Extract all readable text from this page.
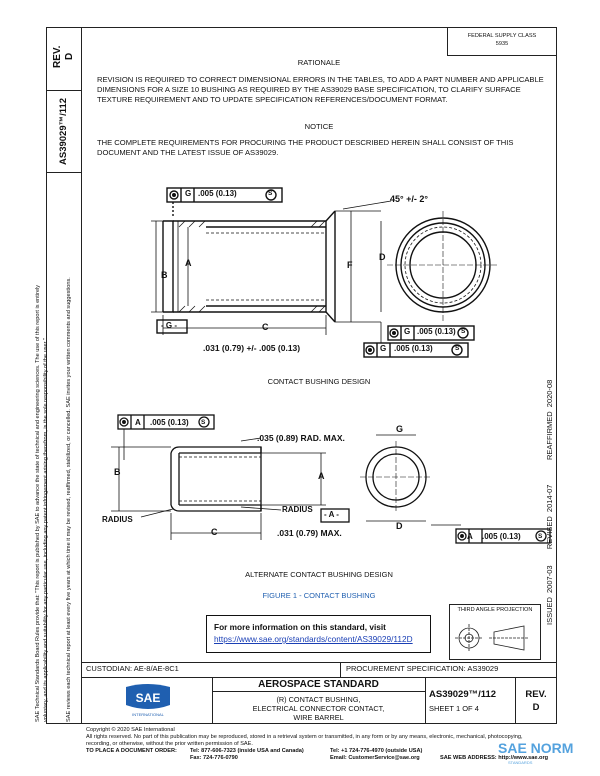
REV. D
AS39029™/112
SAE Technical Standards Board Rules provide that: "This report is published by SAE to advance the state of technical and engineering sciences. The use of this report is entirely voluntary, and its applicability and suitability for any particular use, including any patent infringement arising therefrom, is the sole responsibility of the user."	SAE reviews each technical report at least every five years at which time it may be revised, reaffirmed, stabilized, or cancelled. SAE invites your written comments and suggestions.
FEDERAL SUPPLY CLASS
5935
ISSUED 2007-03    REVISED 2014-07      REAFFIRMED 2020-08
RATIONALE
REVISION IS REQUIRED TO CORRECT DIMENSIONAL ERRORS IN THE TABLES, TO ADD A PART NUMBER AND APPLICABLE DIMENSIONS FOR A SIZE 10 BUSHING AS REQUIRED BY THE AS39029 BASE SPECIFICATION, TO CLARIFY SURFACE TEXTURE REQUIREMENT AND TO UPDATE SPECIFICATION REFERENCES/DOCUMENT FORMAT.
NOTICE
THE COMPLETE REQUIREMENTS FOR PROCURING THE PRODUCT DESCRIBED HEREIN SHALL CONSIST OF THIS DOCUMENT AND THE LATEST ISSUE OF AS39029.
G .005 (0.13)	S
45° +/- 2°
A
B
C
D
F
- G -
G .005 (0.13) S
G .005 (0.13)	S
.031 (0.79) +/- .005 (0.13)
CONTACT BUSHING DESIGN
A .005 (0.13) S
.035 (0.89) RAD. MAX.
B	A
C
D
G
RADIUS
RADIUS
- A -
.031 (0.79) MAX.	A .005 (0.13)	S
ALTERNATE CONTACT BUSHING DESIGN
FIGURE 1 - CONTACT BUSHING
For more information on this standard, visit
https://www.sae.org/standards/content/AS39029/112D
THIRD ANGLE PROJECTION
CUSTODIAN: AE-8/AE-8C1	PROCUREMENT SPECIFICATION: AS39029
AEROSPACE STANDARD
(R) CONTACT BUSHING,
ELECTRICAL CONNECTOR CONTACT,
WIRE BARREL
AS39029™/112
SHEET 1 OF 4
REV.
D
SAE
INTERNATIONAL
Copyright © 2020 SAE International
All rights reserved. No part of this publication may be reproduced, stored in a retrieval system or transmitted, in any form or by any means, electronic, mechanical, photocopying,
recording, or otherwise, without the prior written permission of SAE.
TO PLACE A DOCUMENT ORDER: Tel: 877-606-7323 (inside USA and Canada)	Tel: +1 724-776-4970 (outside USA)
Fax: 724-776-0790	Email: CustomerService@sae.org	SAE WEB ADDRESS: http://www.sae.org
SAE NORM
STANDARDS
